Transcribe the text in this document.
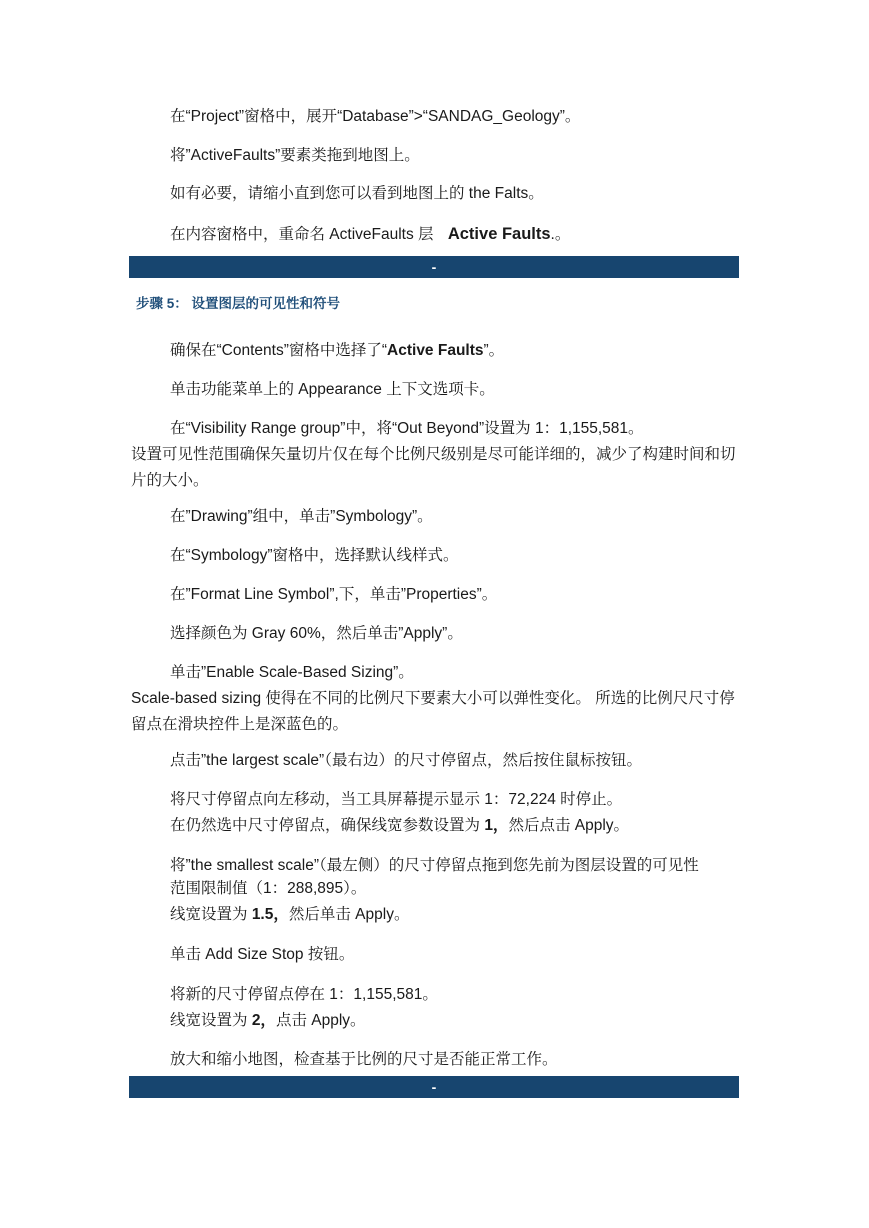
在“Project”窗格中，展开“Database”>“SANDAG_Geology”。
将”ActiveFaults”要素类拖到地图上。
如有必要，请缩小直到您可以看到地图上的 the Falts。
在内容窗格中，重命名 ActiveFaults 层 Active Faults.。
-
步骤 5： 设置图层的可见性和符号
确保在“Contents”窗格中选择了“Active Faults”。
单击功能菜单上的 Appearance 上下文选项卡。
在“Visibility Range group”中，将“Out Beyond”设置为 1：1,155,581。
设置可见性范围确保矢量切片仅在每个比例尺级别是尽可能详细的，减少了构建时间和切片的大小。
在”Drawing”组中，单击”Symbology”。
在“Symbology”窗格中，选择默认线样式。
在”Format Line Symbol”,下，单击”Properties”。
选择颜色为 Gray 60%，然后单击”Apply”。
单击”Enable Scale-Based Sizing”。
Scale-based sizing 使得在不同的比例尺下要素大小可以弹性变化。 所选的比例尺尺寸停留点在滑块控件上是深蓝色的。
点击”the largest scale”（最右边）的尺寸停留点，然后按住鼠标按钮。
将尺寸停留点向左移动，当工具屏幕提示显示 1：72,224 时停止。
在仍然选中尺寸停留点，确保线宽参数设置为 1，然后点击 Apply。
将”the smallest scale”（最左侧）的尺寸停留点拖到您先前为图层设置的可见性
范围限制值（1：288,895）。
线宽设置为 1.5，然后单击 Apply。
单击 Add Size Stop 按钮。
将新的尺寸停留点停在 1：1,155,581。
线宽设置为 2，点击 Apply。
放大和缩小地图，检查基于比例的尺寸是否能正常工作。
-
